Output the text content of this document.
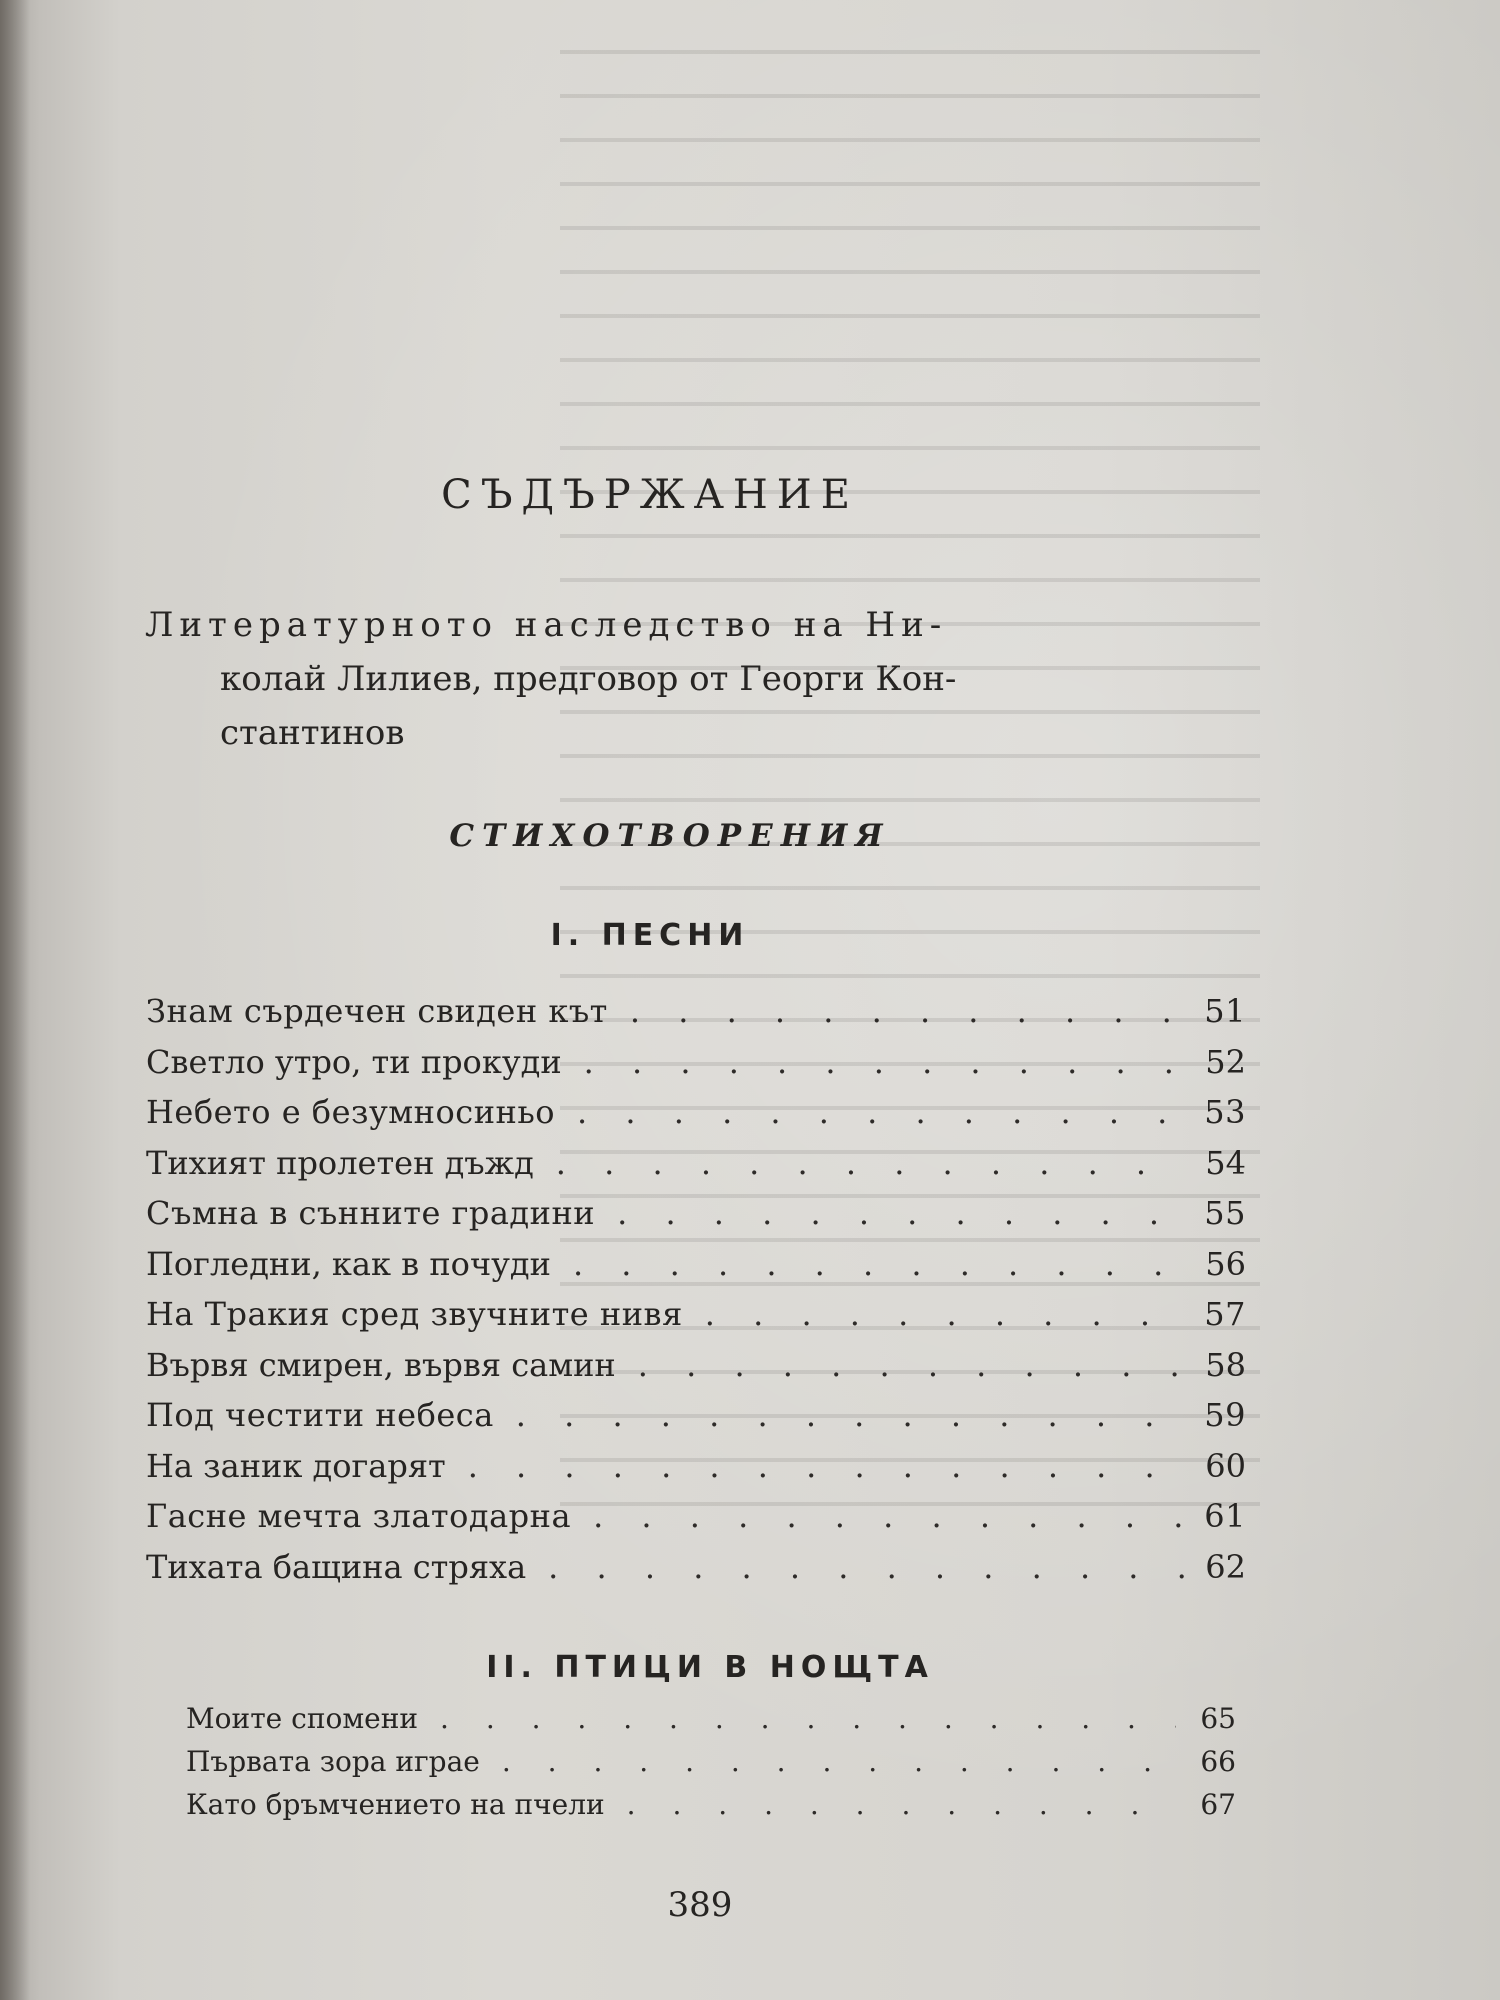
СЪДЪРЖАНИЕ
Литературното наследство на Ни-
колай Лилиев, предговор от Георги Кон-
стантинов
СТИХОТВОРЕНИЯ
I. ПЕСНИ
Знам сърдечен свиден кът . . .	51
Светло утро, ти прокуди . . .	52
Небето е безумносиньо . . .	53
Тихият пролетен дъжд . . .	54
Съмна в сънните градини . . .	55
Погледни, как в почуди . . .	56
На Тракия сред звучните нивя . . .	57
Вървя смирен, вървя самин . . .	58
Под честити небеса . . .	59
На заник догарят . . .	60
Гасне мечта златодарна . . .	61
Тихата бащина стряха . . .	62
II. ПТИЦИ В НОЩТА
Моите спомени . . .	65
Първата зора играе . . .	66
Като бръмчението на пчели . . .	67
389
